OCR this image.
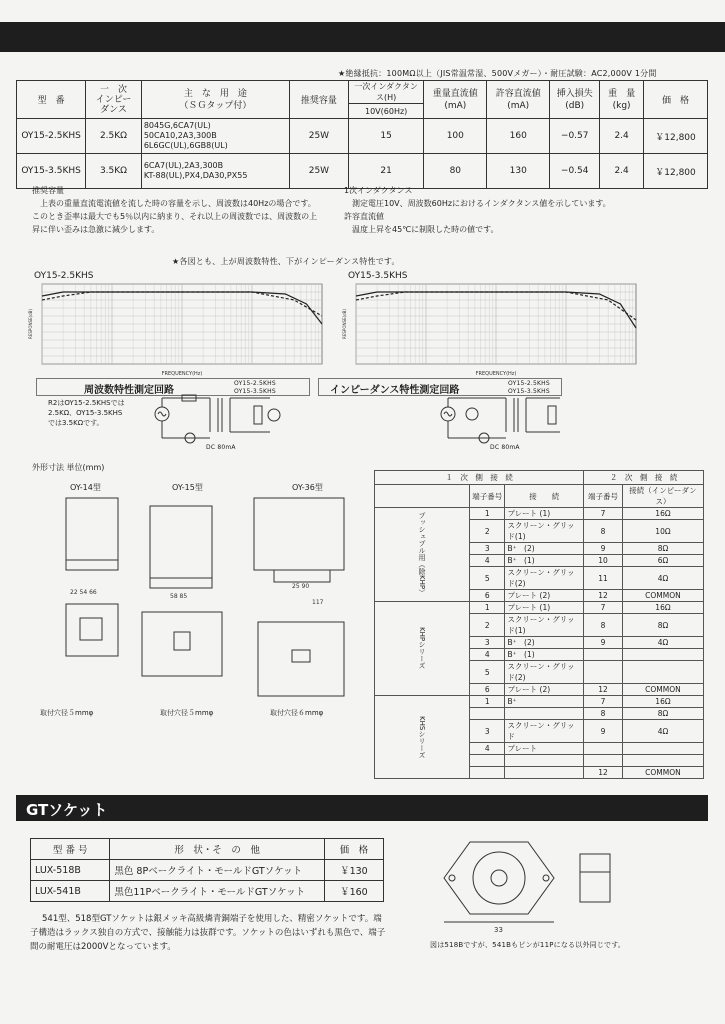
★絶縁抵抗：100MΩ以上（JIS常温常湿、500Vメガー）・耐圧試験：AC2,000V 1分間
型　番	一　次
インピー
ダンス	主　な　用　途
（ＳＧタップ付）	推奨容量	一次インダクタンス(H)	重量直流値
(mA)	許容直流値
(mA)	挿入損失
(dB)	重　量
(kg)	価　格
				10V(60Hz)					
OY15-2.5KHS	2.5KΩ	8045G,6CA7(UL)
50CA10,2A3,300B
6L6GC(UL),6GB8(UL)	25W	15	100	160	−0.57	2.4	￥12,800
OY15-3.5KHS	3.5KΩ	6CA7(UL),2A3,300B
KT-88(UL),PX4,DA30,PX55	25W	21	80	130	−0.54	2.4	￥12,800
推奨容量
上表の重量直流電流値を流した時の容量を示し、周波数は40Hzの場合です。このとき歪率は最大でも5％以内に納まり、それ以上の周波数では、周波数の上昇に伴い歪みは急激に減少します。
1次インダクタンス
測定電圧10V、周波数60Hzにおけるインダクタンス値を示しています。
許容直流値
温度上昇を45℃に制限した時の値です。
★各図とも、上が周波数特性、下がインピーダンス特性です。
OY15-2.5KHS	OY15-3.5KHS
FREQUENCY(Hz)
RESPONSE(dB)
FREQUENCY(Hz)
RESPONSE(dB)
周波数特性測定回路
OY15-2.5KHS
OY15-3.5KHS
R2はOY15-2.5KHSでは2.5KΩ、OY15-3.5KHSでは3.5KΩです。
DC 80mA
インピーダンス特性測定回路
OY15-2.5KHS
OY15-3.5KHS
DC 80mA
外形寸法 単位(mm)
OY-14型	OY-15型	OY-36型
22 54 66
58 85
25 90
117
取付穴径５mmφ	取付穴径５mmφ	取付穴径６mmφ
１　次　側　接　続			２　次　側　接　続	
	端子番号	接　　続	端子番号	接続（インピーダンス）
プッシュプル用（除KHP）	1	プレート (1)	7	16Ω
	2	スクリーン・グリッド(1)	8	10Ω
	3	B⁺　(2)	9	8Ω
	4	B⁺　(1)	10	6Ω
	5	スクリーン・グリッド(2)	11	4Ω
	6	プレート (2)	12	COMMON
KHPシリーズ	1	プレート (1)	7	16Ω
	2	スクリーン・グリッド(1)	8	8Ω
	3	B⁺　(2)	9	4Ω
	4	B⁺　(1)		
	5	スクリーン・グリッド(2)		
	6	プレート (2)	12	COMMON
KHSシリーズ	1	B⁺	7	16Ω
			8	8Ω
	3	スクリーン・グリッド	9	4Ω
	4	プレート		

			12	COMMON
GTソケット
型 番 号	形　状・そ　の　他	価　格
LUX-518B	黒色 8Pベークライト・モールドGTソケット	￥130
LUX-541B	黒色11Pベークライト・モールドGTソケット	￥160
541型、518型GTソケットは銀メッキ高級燐青銅端子を使用した、精密ソケットです。端子構造はラックス独自の方式で、接触能力は抜群です。ソケットの色はいずれも黒色で、端子間の耐電圧は2000Vとなっています。
33
図は518Bですが、541Bもピンが11Pになる以外同じです。
